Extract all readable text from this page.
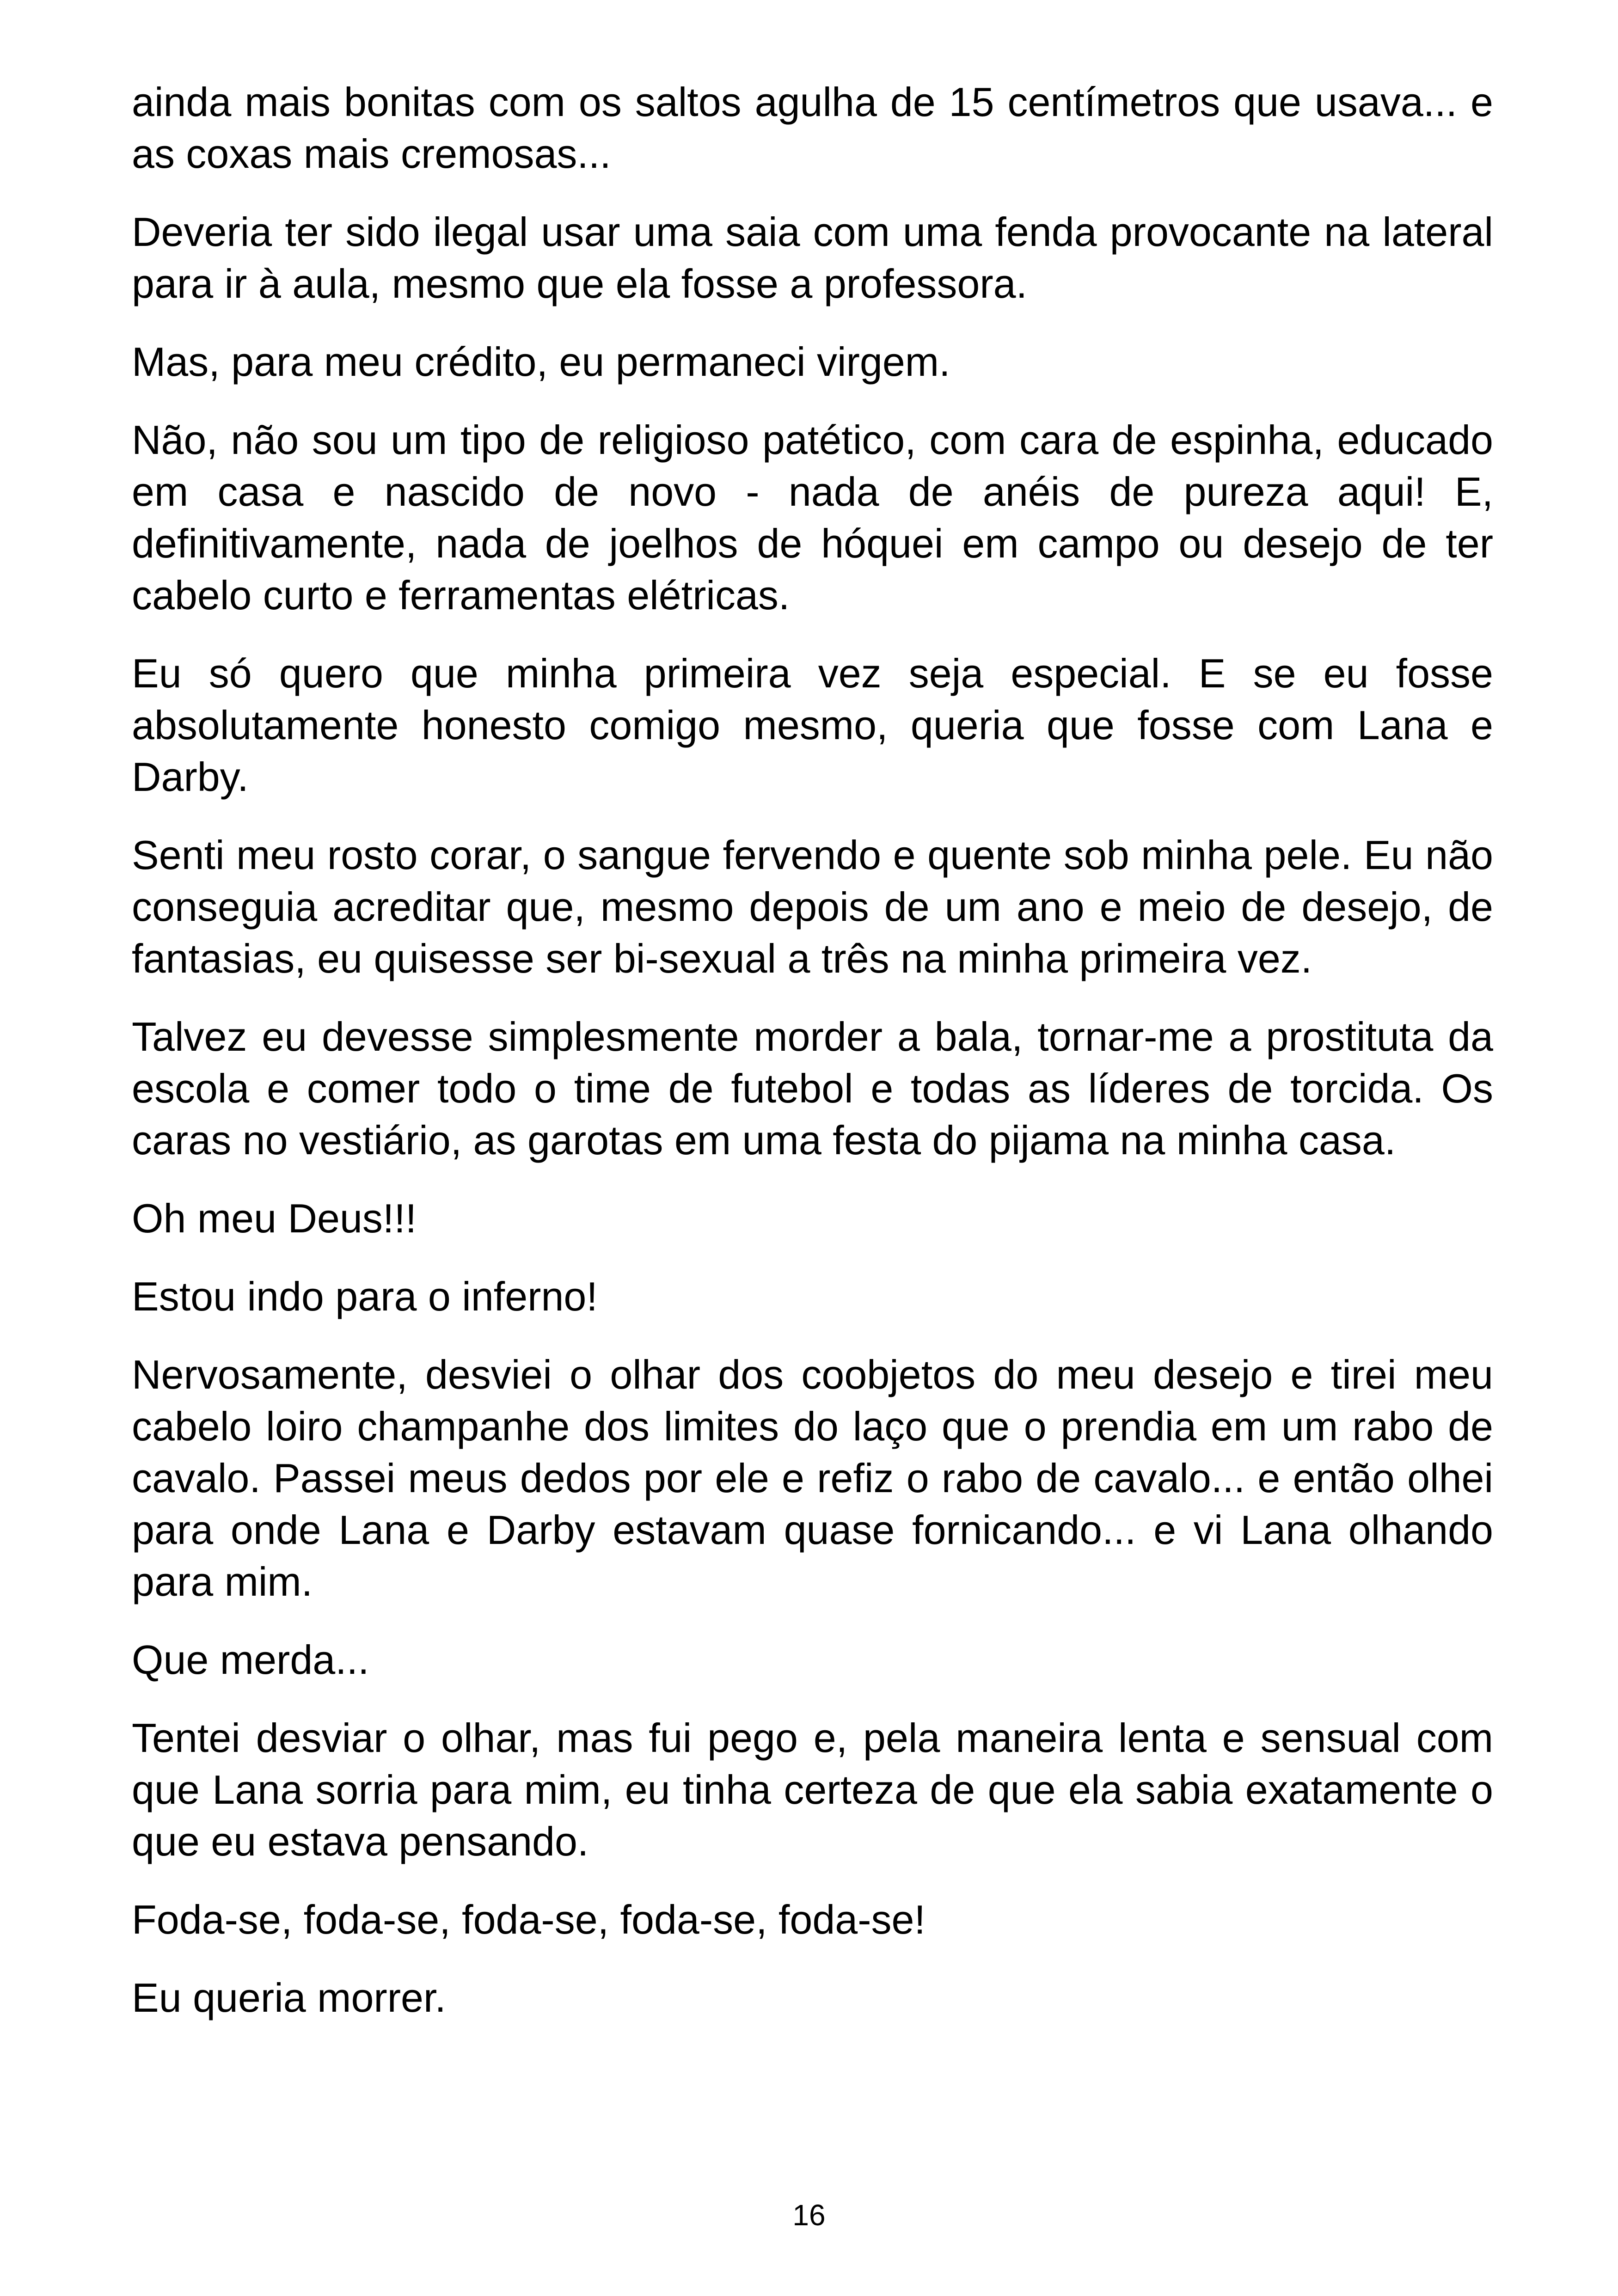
ainda mais bonitas com os saltos agulha de 15 centímetros que usava... e as coxas mais cremosas...

Deveria ter sido ilegal usar uma saia com uma fenda provocante na lateral para ir à aula, mesmo que ela fosse a professora.

Mas, para meu crédito, eu permaneci virgem.

Não, não sou um tipo de religioso patético, com cara de espinha, educado em casa e nascido de novo - nada de anéis de pureza aqui! E, definitivamente, nada de joelhos de hóquei em campo ou desejo de ter cabelo curto e ferramentas elétricas.

Eu só quero que minha primeira vez seja especial. E se eu fosse absolutamente honesto comigo mesmo, queria que fosse com Lana e Darby.

Senti meu rosto corar, o sangue fervendo e quente sob minha pele. Eu não conseguia acreditar que, mesmo depois de um ano e meio de desejo, de fantasias, eu quisesse ser bi-sexual a três na minha primeira vez.

Talvez eu devesse simplesmente morder a bala, tornar-me a prostituta da escola e comer todo o time de futebol e todas as líderes de torcida. Os caras no vestiário, as garotas em uma festa do pijama na minha casa.

Oh meu Deus!!!

Estou indo para o inferno!

Nervosamente, desviei o olhar dos coobjetos do meu desejo e tirei meu cabelo loiro champanhe dos limites do laço que o prendia em um rabo de cavalo. Passei meus dedos por ele e refiz o rabo de cavalo... e então olhei para onde Lana e Darby estavam quase fornicando... e vi Lana olhando para mim.

Que merda...

Tentei desviar o olhar, mas fui pego e, pela maneira lenta e sensual com que Lana sorria para mim, eu tinha certeza de que ela sabia exatamente o que eu estava pensando.

Foda-se, foda-se, foda-se, foda-se, foda-se!

Eu queria morrer.

16
